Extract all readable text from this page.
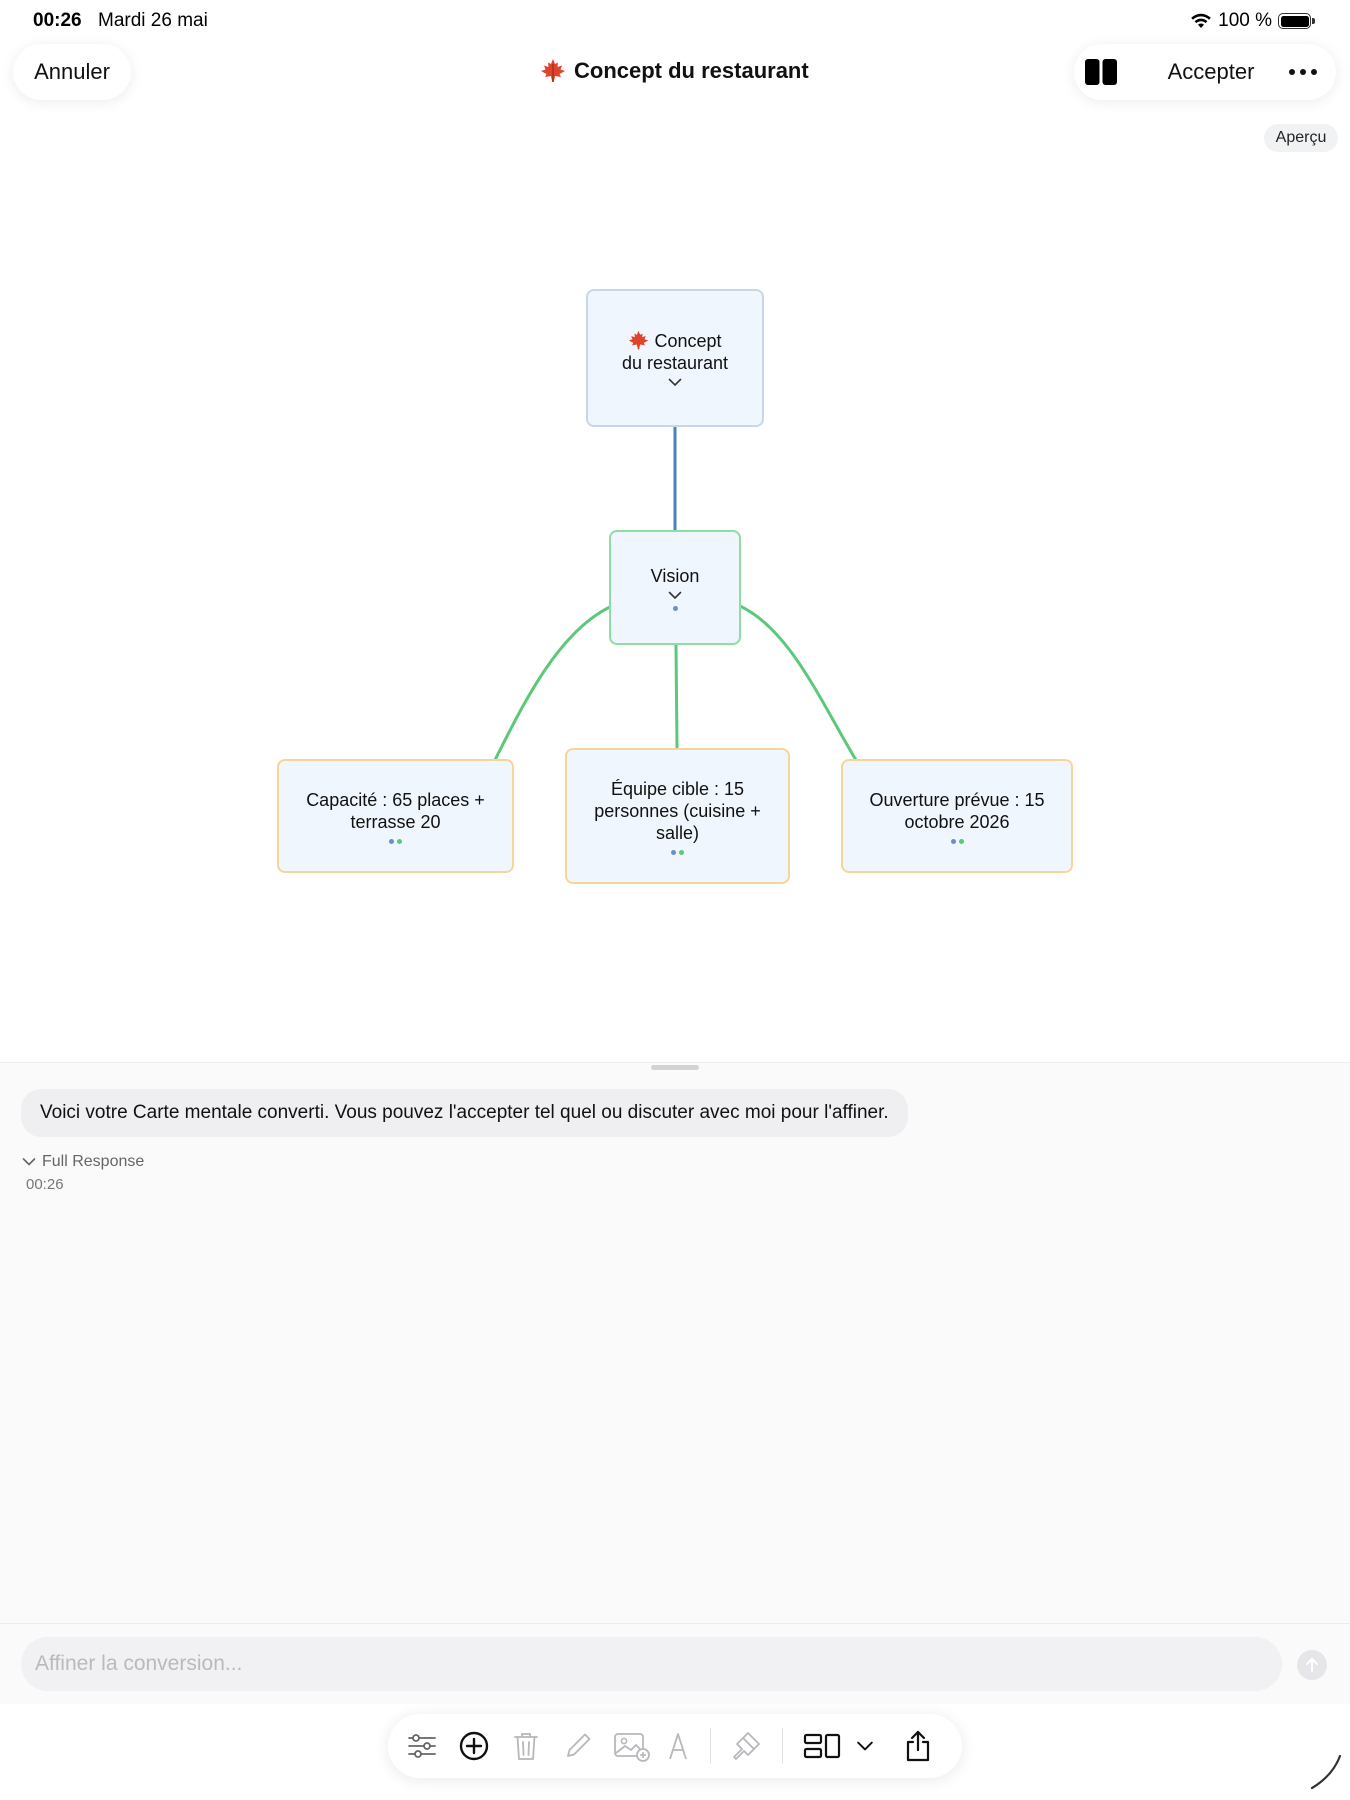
00:26 Mardi 26 mai	100 %
Annuler	Concept du restaurant	Accepter
Aperçu
Concept
du restaurant
Vision
Capacité : 65 places +
terrasse 20
Équipe cible : 15
personnes (cuisine +
salle)
Ouverture prévue : 15
octobre 2026
Voici votre Carte mentale converti. Vous pouvez l'accepter tel quel ou discuter avec moi pour l'affiner.
Full Response
00:26
Affiner la conversion...
